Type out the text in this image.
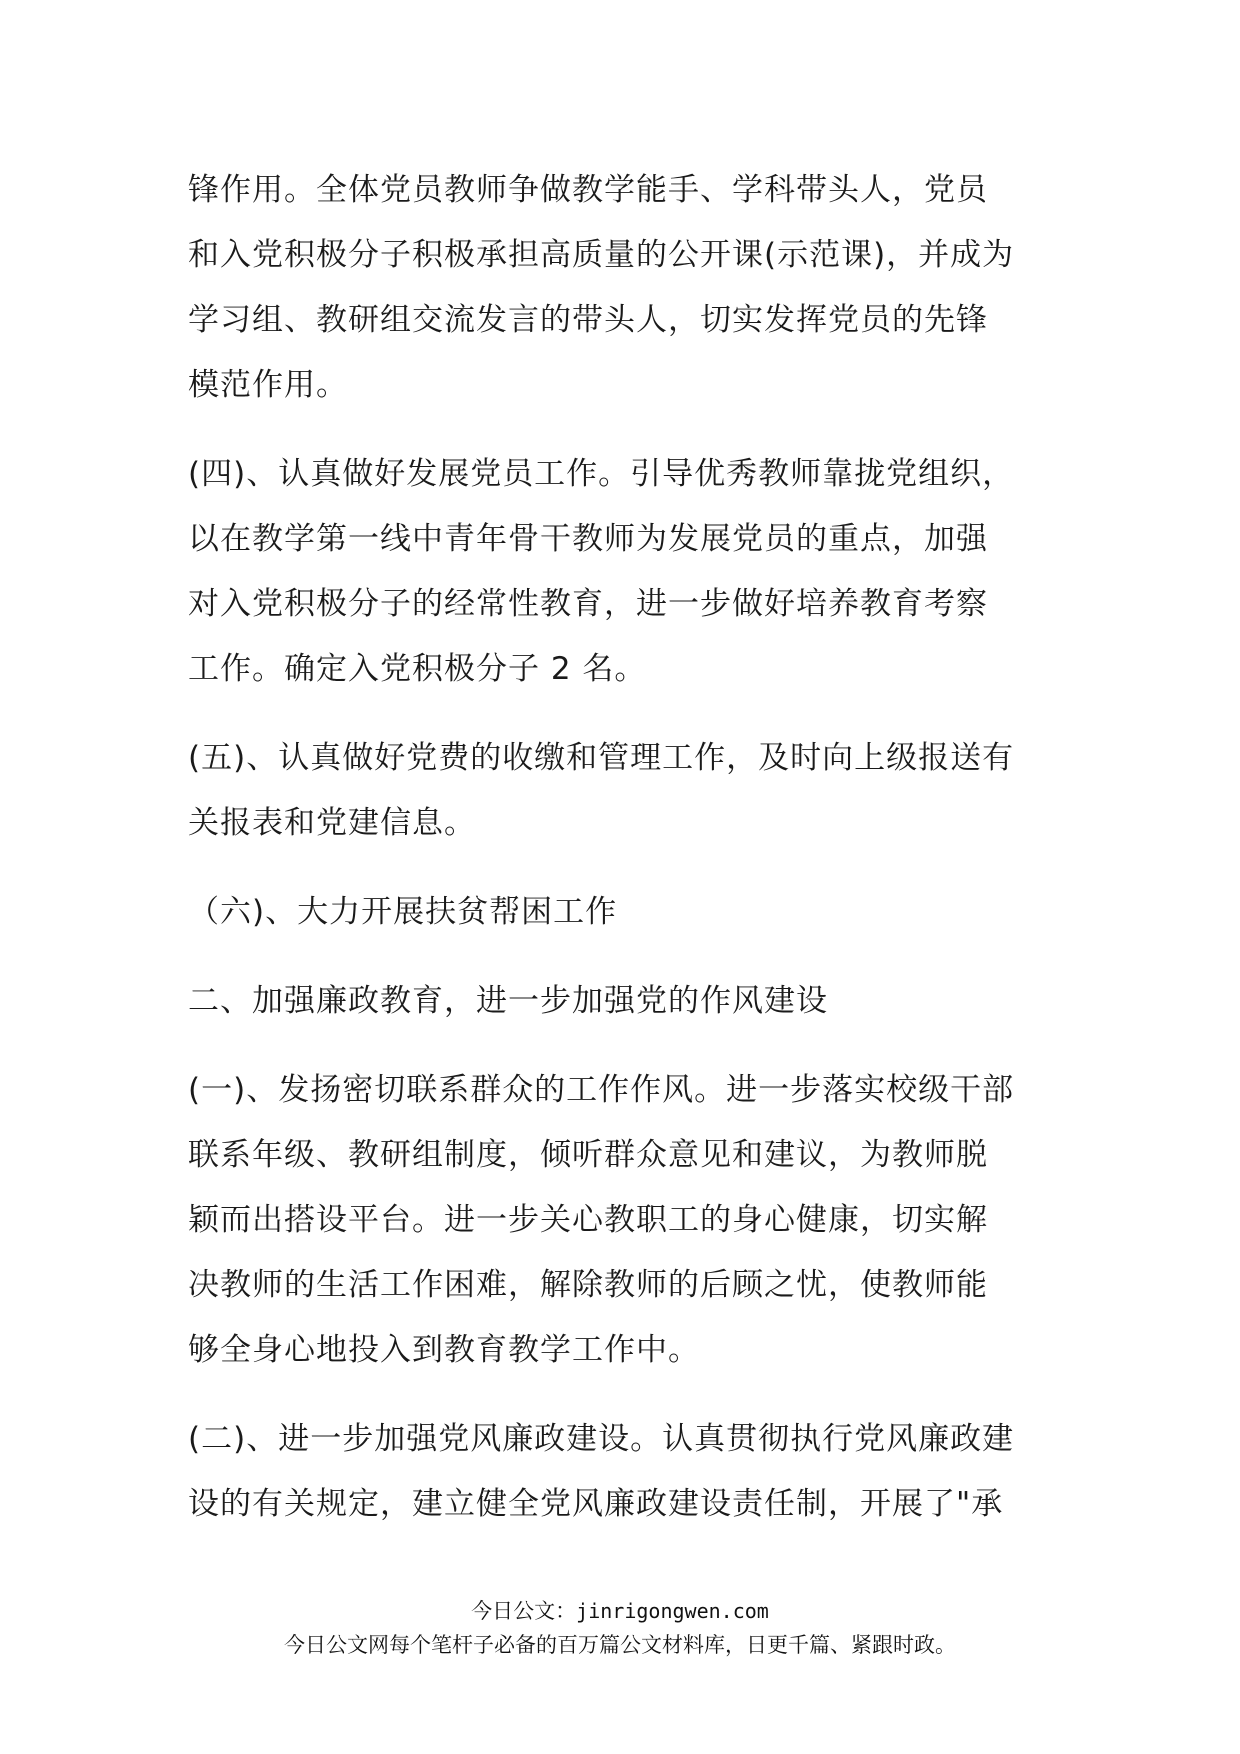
锋作用。全体党员教师争做教学能手、学科带头人，党员
和入党积极分子积极承担高质量的公开课(示范课)，并成为
学习组、教研组交流发言的带头人，切实发挥党员的先锋
模范作用。
(四)、认真做好发展党员工作。引导优秀教师靠拢党组织，
以在教学第一线中青年骨干教师为发展党员的重点，加强
对入党积极分子的经常性教育，进一步做好培养教育考察
工作。确定入党积极分子 2 名。
(五)、认真做好党费的收缴和管理工作，及时向上级报送有
关报表和党建信息。
（六)、大力开展扶贫帮困工作
二、加强廉政教育，进一步加强党的作风建设
(一)、发扬密切联系群众的工作作风。进一步落实校级干部
联系年级、教研组制度，倾听群众意见和建议，为教师脱
颖而出搭设平台。进一步关心教职工的身心健康，切实解
决教师的生活工作困难，解除教师的后顾之忧，使教师能
够全身心地投入到教育教学工作中。
(二)、进一步加强党风廉政建设。认真贯彻执行党风廉政建
设的有关规定，建立健全党风廉政建设责任制，开展了"承
今日公文：jinrigongwen.com
今日公文网每个笔杆子必备的百万篇公文材料库，日更千篇、紧跟时政。
